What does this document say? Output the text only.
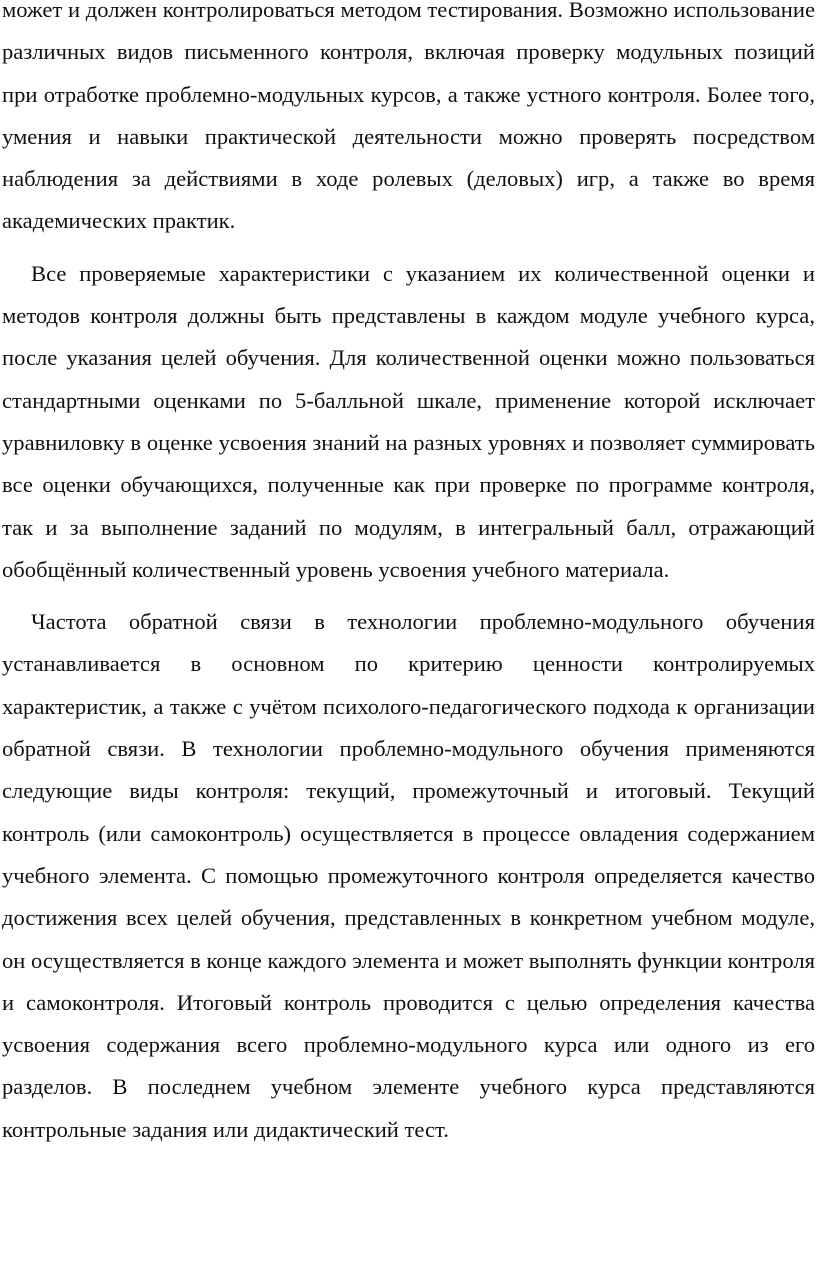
может и должен контролироваться методом тестирования. Возможно использование различных видов письменного контроля, включая проверку модульных позиций при отработке проблемно-модульных курсов, а также устного контроля. Более того, умения и навыки практической деятельности можно проверять посредством наблюдения за действиями в ходе ролевых (деловых) игр, а также во время академических практик.

Все проверяемые характеристики с указанием их количественной оценки и методов контроля должны быть представлены в каждом модуле учебного курса, после указания целей обучения. Для количественной оценки можно пользоваться стандартными оценками по 5-балльной шкале, применение которой исключает уравниловку в оценке усвоения знаний на разных уровнях и позволяет суммировать все оценки обучающихся, полученные как при проверке по программе контроля, так и за выполнение заданий по модулям, в интегральный балл, отражающий обобщённый количественный уровень усвоения учебного материала.

Частота обратной связи в технологии проблемно-модульного обучения устанавливается в основном по критерию ценности контролируемых характеристик, а также с учётом психолого-педагогического подхода к организации обратной связи. В технологии проблемно-модульного обучения применяются следующие виды контроля: текущий, промежуточный и итоговый. Текущий контроль (или самоконтроль) осуществляется в процессе овладения содержанием учебного элемента. С помощью промежуточного контроля определяется качество достижения всех целей обучения, представленных в конкретном учебном модуле, он осуществляется в конце каждого элемента и может выполнять функции контроля и самоконтроля. Итоговый контроль проводится с целью определения качества усвоения содержания всего проблемно-модульного курса или одного из его разделов. В последнем учебном элементе учебного курса представляются контрольные задания или дидактический тест.
